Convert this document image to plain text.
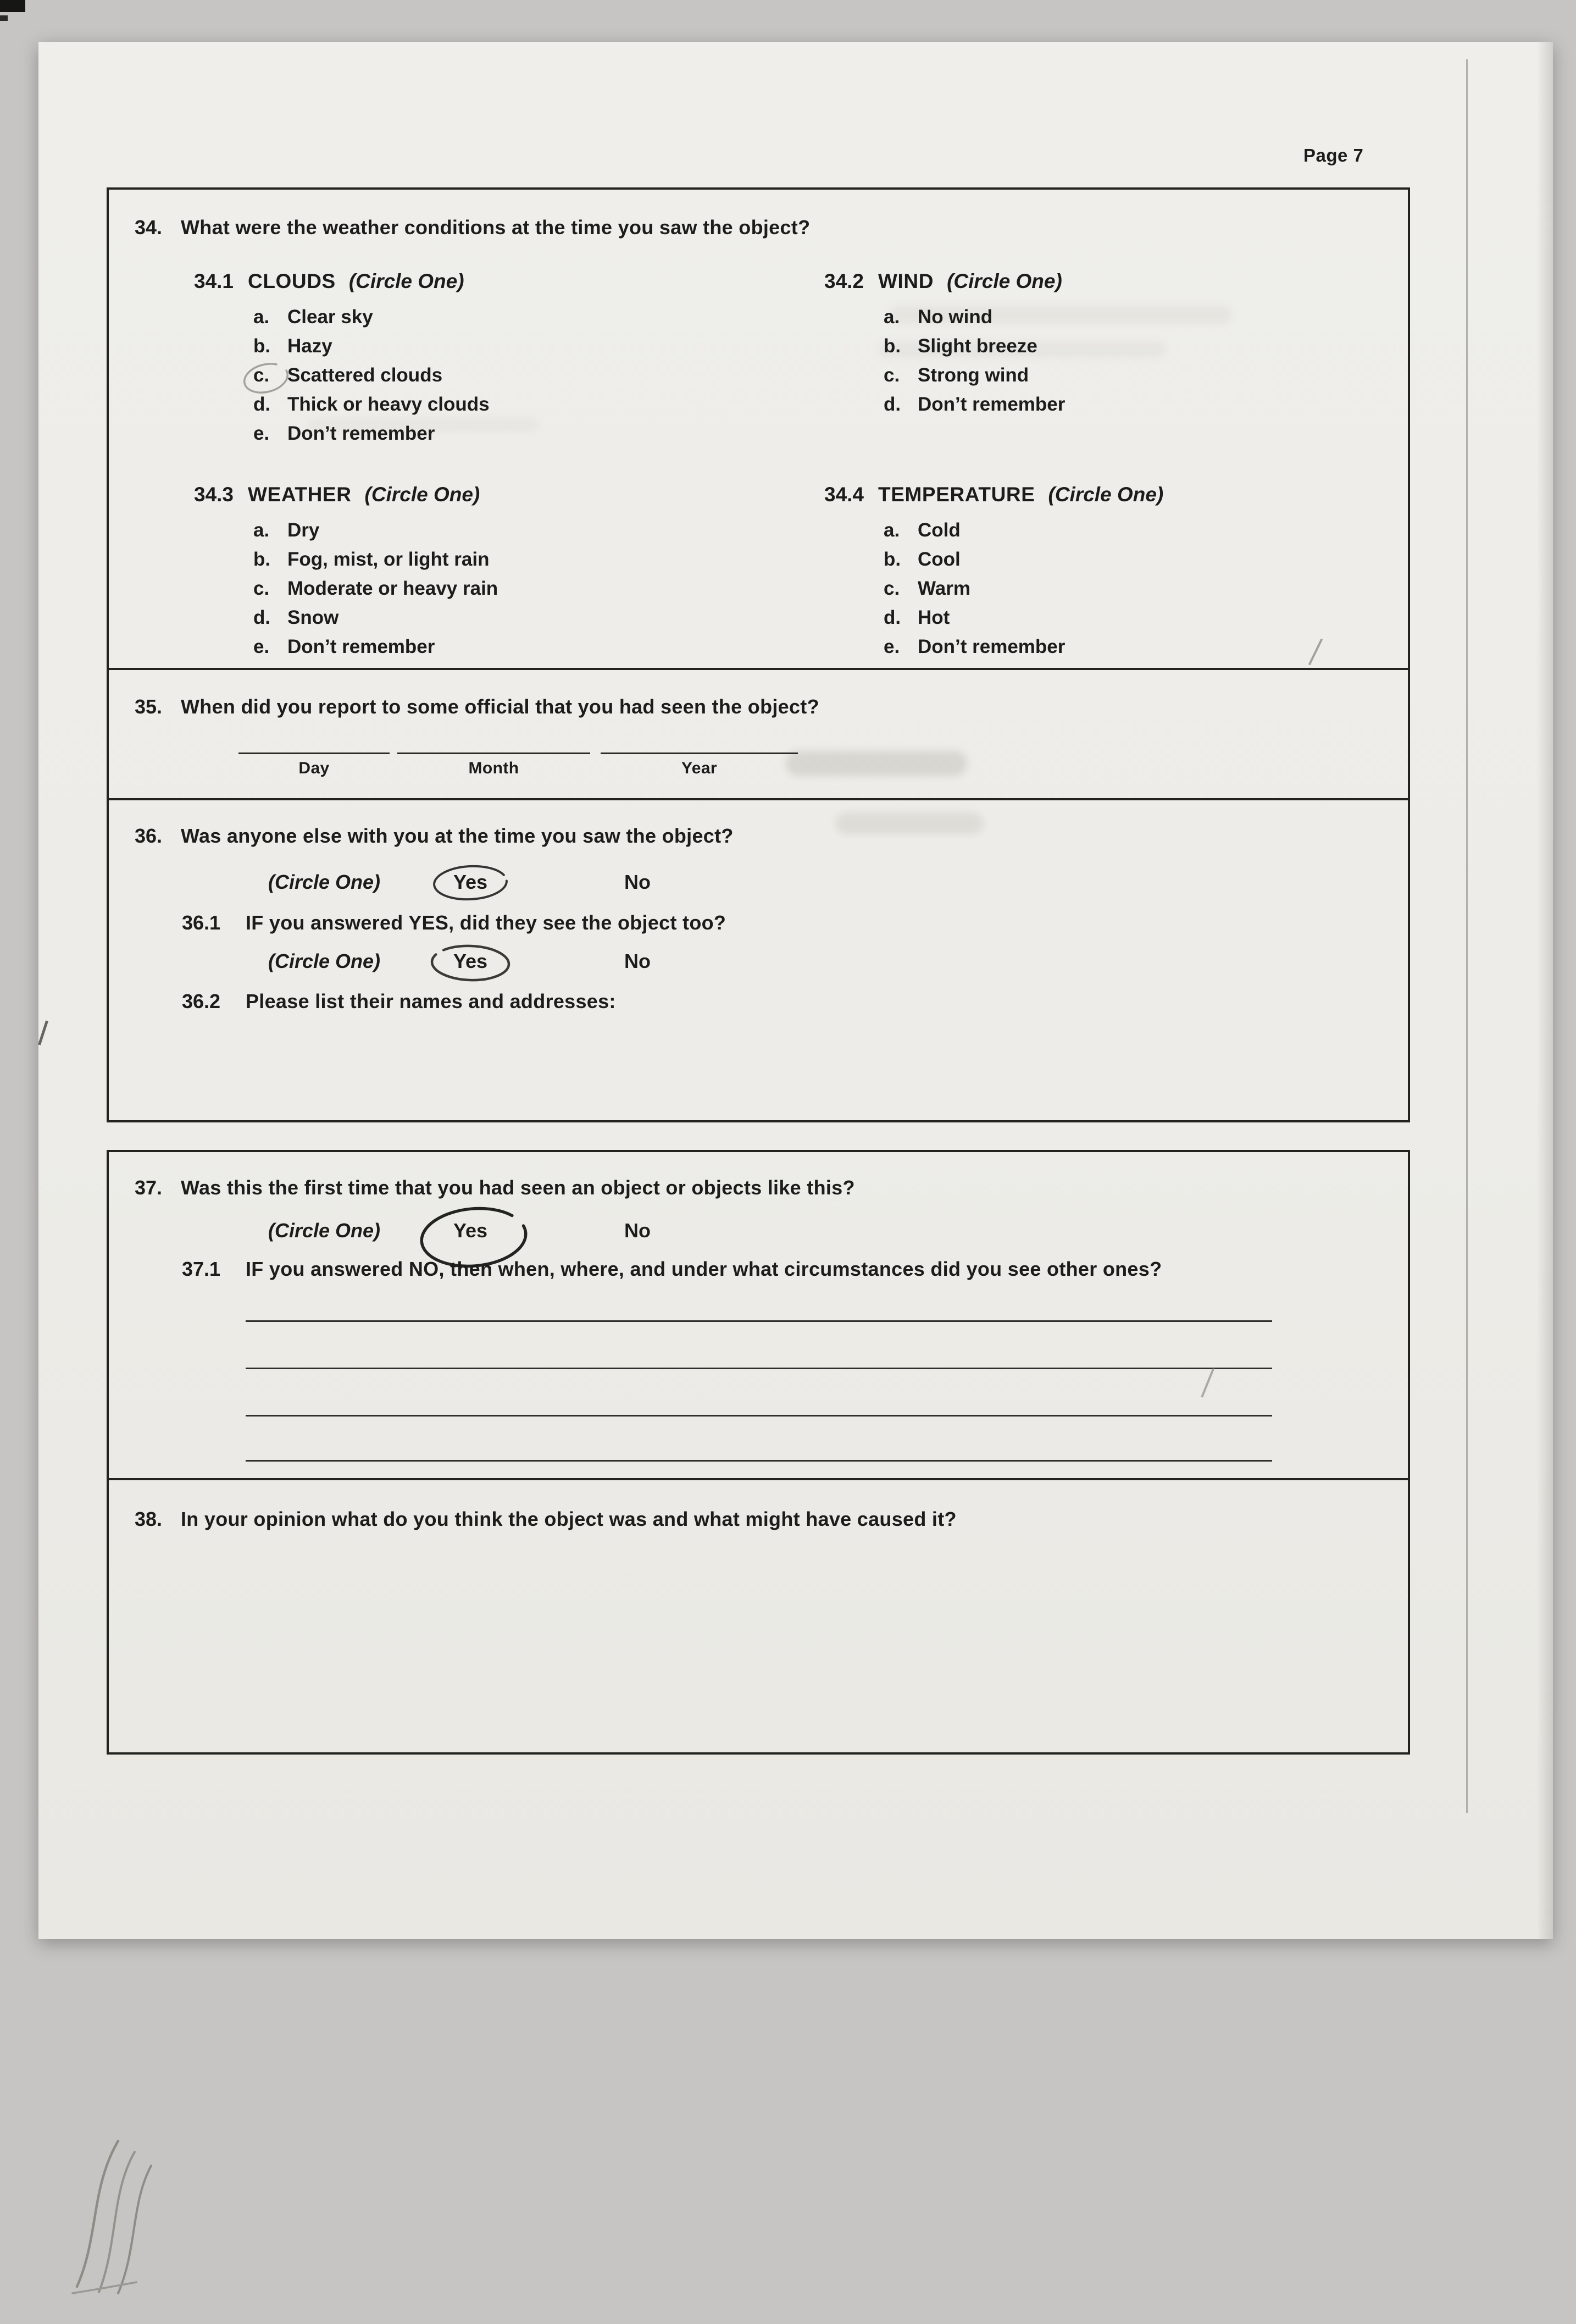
Page 7
34. What were the weather conditions at the time you saw the object?
34.1 CLOUDS (Circle One)	34.2 WIND (Circle One)
34.3 WEATHER (Circle One)	34.4 TEMPERATURE (Circle One)
a. Clear sky
b. Hazy
c. Scattered clouds
d. Thick or heavy clouds
e. Don’t remember
a. No wind
b. Slight breeze
c. Strong wind
d. Don’t remember
a. Dry
b. Fog, mist, or light rain
c. Moderate or heavy rain
d. Snow
e. Don’t remember
a. Cold
b. Cool
c. Warm
d. Hot
e. Don’t remember
35. When did you report to some official that you had seen the object?
Day	Month	Year
36. Was anyone else with you at the time you saw the object?
(Circle One)	Yes	No
36.1 IF you answered YES, did they see the object too?
(Circle One)	Yes	No
36.2 Please list their names and addresses:
37. Was this the first time that you had seen an object or objects like this?
(Circle One)	Yes	No
37.1 IF you answered NO, then when, where, and under what circumstances did you see other ones?
38. In your opinion what do you think the object was and what might have caused it?
